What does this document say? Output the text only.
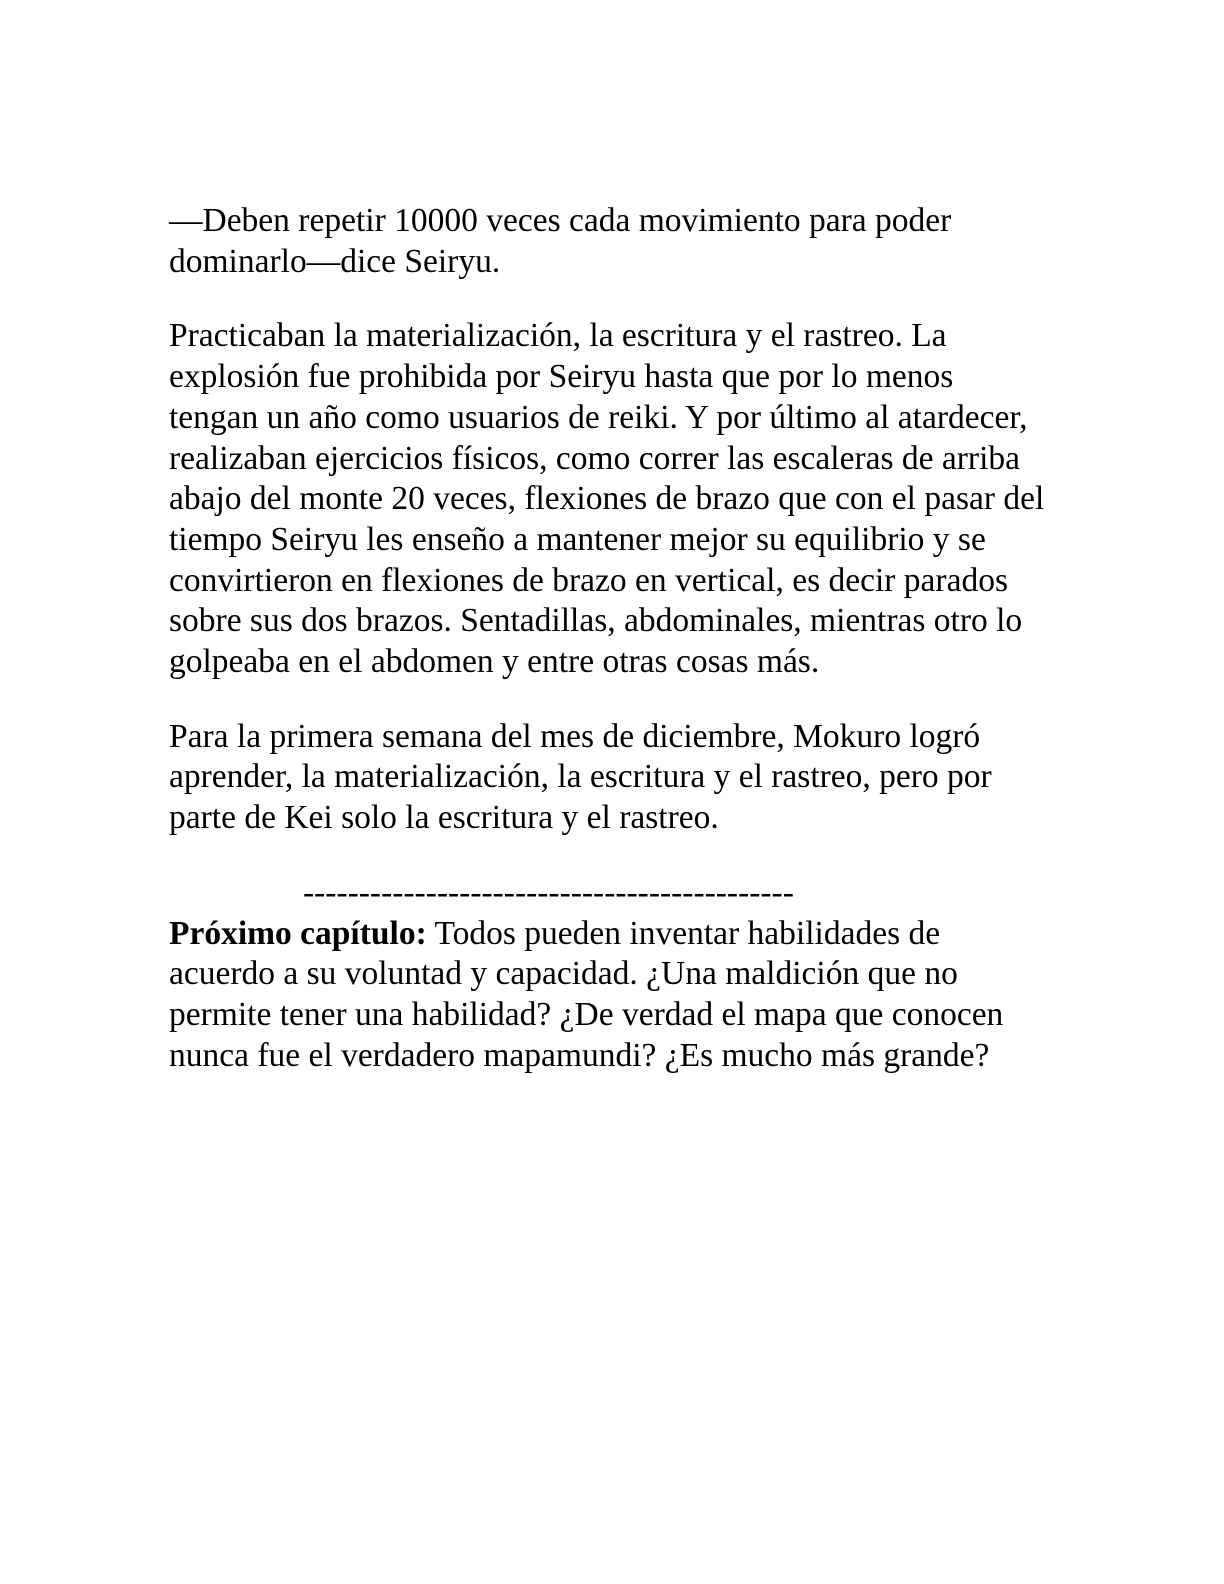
—Deben repetir 10000 veces cada movimiento para poder dominarlo—dice Seiryu.

Practicaban la materialización, la escritura y el rastreo. La explosión fue prohibida por Seiryu hasta que por lo menos tengan un año como usuarios de reiki. Y por último al atardecer, realizaban ejercicios físicos, como correr las escaleras de arriba abajo del monte 20 veces, flexiones de brazo que con el pasar del tiempo Seiryu les enseño a mantener mejor su equilibrio y se convirtieron en flexiones de brazo en vertical, es decir parados sobre sus dos brazos. Sentadillas, abdominales, mientras otro lo golpeaba en el abdomen y entre otras cosas más.

Para la primera semana del mes de diciembre, Mokuro logró aprender, la materialización, la escritura y el rastreo, pero por parte de Kei solo la escritura y el rastreo.

--------------------------------------------

Próximo capítulo: Todos pueden inventar habilidades de acuerdo a su voluntad y capacidad. ¿Una maldición que no permite tener una habilidad? ¿De verdad el mapa que conocen nunca fue el verdadero mapamundi? ¿Es mucho más grande?
